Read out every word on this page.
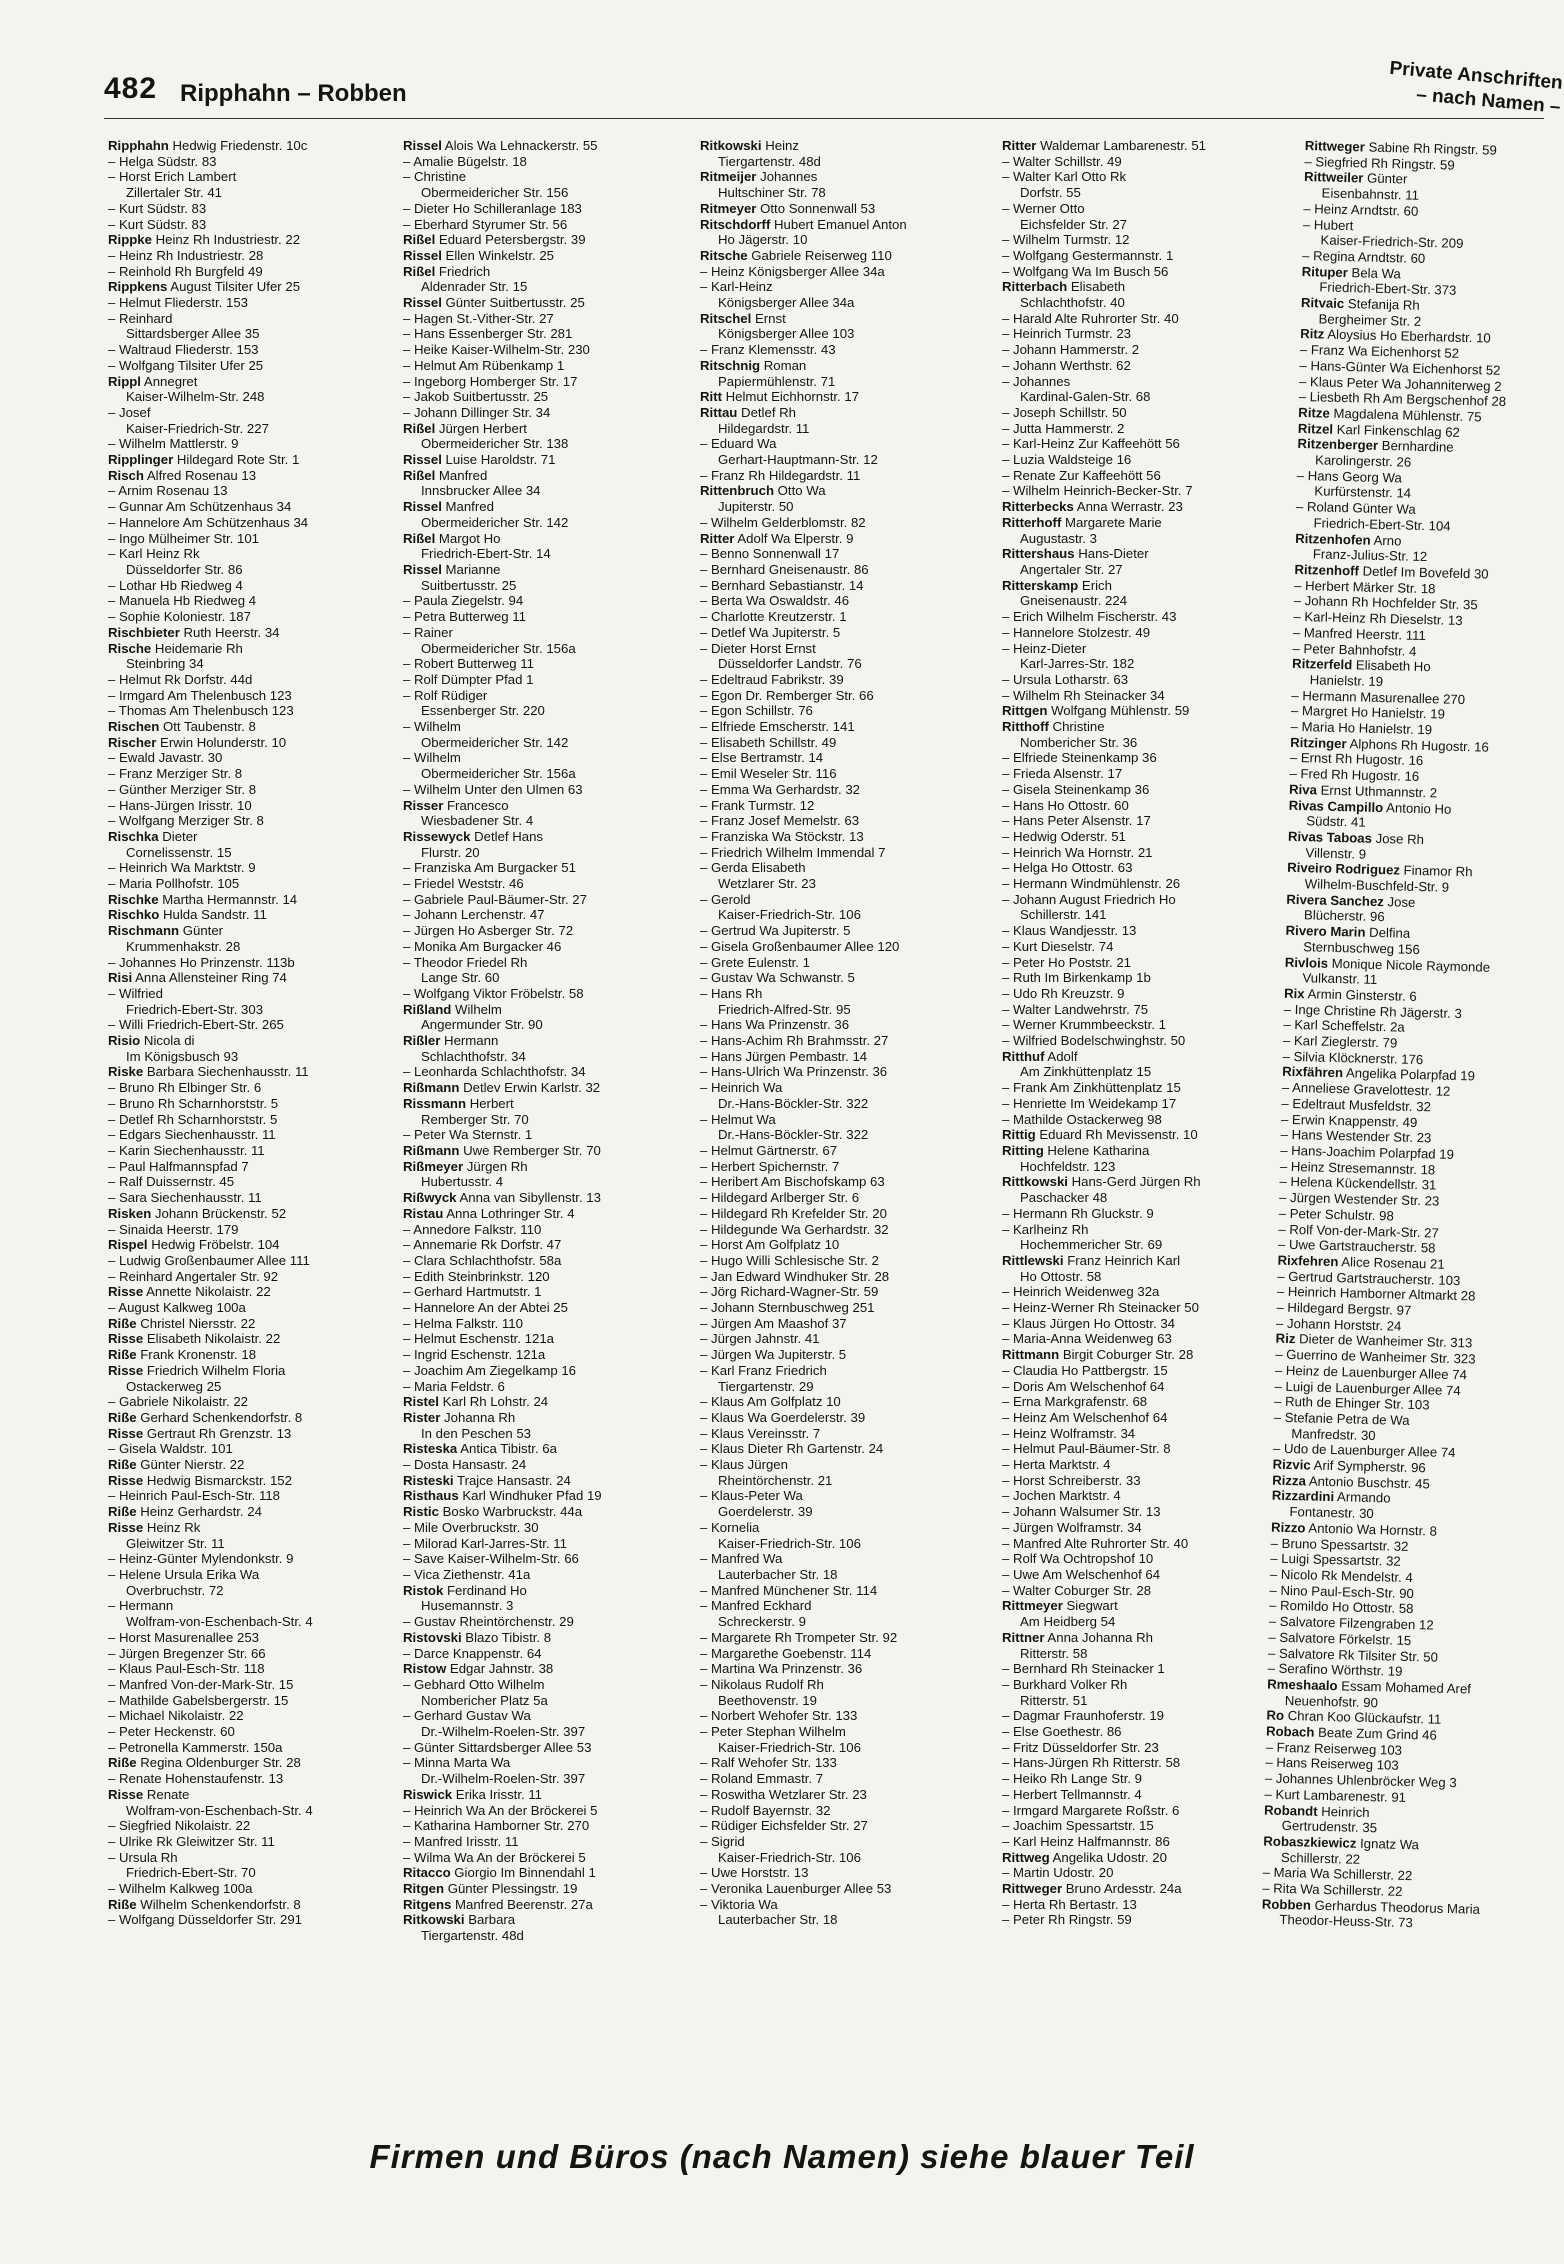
482 Ripphahn – Robben	Private Anschriften
– nach Namen –
Ripphahn Hedwig Friedenstr. 10c
– Helga Südstr. 83
– Horst Erich Lambert
Zillertaler Str. 41
– Kurt Südstr. 83
– Kurt Südstr. 83
Rippke Heinz Rh Industriestr. 22
– Heinz Rh Industriestr. 28
– Reinhold Rh Burgfeld 49
Rippkens August Tilsiter Ufer 25
– Helmut Fliederstr. 153
– Reinhard
Sittardsberger Allee 35
– Waltraud Fliederstr. 153
– Wolfgang Tilsiter Ufer 25
Rippl Annegret
Kaiser-Wilhelm-Str. 248
– Josef
Kaiser-Friedrich-Str. 227
– Wilhelm Mattlerstr. 9
Ripplinger Hildegard Rote Str. 1
Risch Alfred Rosenau 13
– Arnim Rosenau 13
– Gunnar Am Schützenhaus 34
– Hannelore Am Schützenhaus 34
– Ingo Mülheimer Str. 101
– Karl Heinz Rk
Düsseldorfer Str. 86
– Lothar Hb Riedweg 4
– Manuela Hb Riedweg 4
– Sophie Koloniestr. 187
Rischbieter Ruth Heerstr. 34
Rische Heidemarie Rh
Steinbring 34
– Helmut Rk Dorfstr. 44d
– Irmgard Am Thelenbusch 123
– Thomas Am Thelenbusch 123
Rischen Ott Taubenstr. 8
Rischer Erwin Holunderstr. 10
– Ewald Javastr. 30
– Franz Merziger Str. 8
– Günther Merziger Str. 8
– Hans-Jürgen Irisstr. 10
– Wolfgang Merziger Str. 8
Rischka Dieter
Cornelissenstr. 15
– Heinrich Wa Marktstr. 9
– Maria Pollhofstr. 105
Rischke Martha Hermannstr. 14
Rischko Hulda Sandstr. 11
Rischmann Günter
Krummenhakstr. 28
– Johannes Ho Prinzenstr. 113b
Risi Anna Allensteiner Ring 74
– Wilfried
Friedrich-Ebert-Str. 303
– Willi Friedrich-Ebert-Str. 265
Risio Nicola di
Im Königsbusch 93
Riske Barbara Siechenhausstr. 11
– Bruno Rh Elbinger Str. 6
– Bruno Rh Scharnhorststr. 5
– Detlef Rh Scharnhorststr. 5
– Edgars Siechenhausstr. 11
– Karin Siechenhausstr. 11
– Paul Halfmannspfad 7
– Ralf Duissernstr. 45
– Sara Siechenhausstr. 11
Risken Johann Brückenstr. 52
– Sinaida Heerstr. 179
Rispel Hedwig Fröbelstr. 104
– Ludwig Großenbaumer Allee 111
– Reinhard Angertaler Str. 92
Risse Annette Nikolaistr. 22
– August Kalkweg 100a
Riße Christel Niersstr. 22
Risse Elisabeth Nikolaistr. 22
Riße Frank Kronenstr. 18
Risse Friedrich Wilhelm Floria
Ostackerweg 25
– Gabriele Nikolaistr. 22
Riße Gerhard Schenkendorfstr. 8
Risse Gertraut Rh Grenzstr. 13
– Gisela Waldstr. 101
Riße Günter Nierstr. 22
Risse Hedwig Bismarckstr. 152
– Heinrich Paul-Esch-Str. 118
Riße Heinz Gerhardstr. 24
Risse Heinz Rk
Gleiwitzer Str. 11
– Heinz-Günter Mylendonkstr. 9
– Helene Ursula Erika Wa
Overbruchstr. 72
– Hermann
Wolfram-von-Eschenbach-Str. 4
– Horst Masurenallee 253
– Jürgen Bregenzer Str. 66
– Klaus Paul-Esch-Str. 118
– Manfred Von-der-Mark-Str. 15
– Mathilde Gabelsbergerstr. 15
– Michael Nikolaistr. 22
– Peter Heckenstr. 60
– Petronella Kammerstr. 150a
Riße Regina Oldenburger Str. 28
– Renate Hohenstaufenstr. 13
Risse Renate
Wolfram-von-Eschenbach-Str. 4
– Siegfried Nikolaistr. 22
– Ulrike Rk Gleiwitzer Str. 11
– Ursula Rh
Friedrich-Ebert-Str. 70
– Wilhelm Kalkweg 100a
Riße Wilhelm Schenkendorfstr. 8
– Wolfgang Düsseldorfer Str. 291
Rissel Alois Wa Lehnackerstr. 55
– Amalie Bügelstr. 18
– Christine
Obermeidericher Str. 156
– Dieter Ho Schilleranlage 183
– Eberhard Styrumer Str. 56
Rißel Eduard Petersbergstr. 39
Rissel Ellen Winkelstr. 25
Rißel Friedrich
Aldenrader Str. 15
Rissel Günter Suitbertusstr. 25
– Hagen St.-Vither-Str. 27
– Hans Essenberger Str. 281
– Heike Kaiser-Wilhelm-Str. 230
– Helmut Am Rübenkamp 1
– Ingeborg Homberger Str. 17
– Jakob Suitbertusstr. 25
– Johann Dillinger Str. 34
Rißel Jürgen Herbert
Obermeidericher Str. 138
Rissel Luise Haroldstr. 71
Rißel Manfred
Innsbrucker Allee 34
Rissel Manfred
Obermeidericher Str. 142
Rißel Margot Ho
Friedrich-Ebert-Str. 14
Rissel Marianne
Suitbertusstr. 25
– Paula Ziegelstr. 94
– Petra Butterweg 11
– Rainer
Obermeidericher Str. 156a
– Robert Butterweg 11
– Rolf Dümpter Pfad 1
– Rolf Rüdiger
Essenberger Str. 220
– Wilhelm
Obermeidericher Str. 142
– Wilhelm
Obermeidericher Str. 156a
– Wilhelm Unter den Ulmen 63
Risser Francesco
Wiesbadener Str. 4
Rissewyck Detlef Hans
Flurstr. 20
– Franziska Am Burgacker 51
– Friedel Weststr. 46
– Gabriele Paul-Bäumer-Str. 27
– Johann Lerchenstr. 47
– Jürgen Ho Asberger Str. 72
– Monika Am Burgacker 46
– Theodor Friedel Rh
Lange Str. 60
– Wolfgang Viktor Fröbelstr. 58
Rißland Wilhelm
Angermunder Str. 90
Rißler Hermann
Schlachthofstr. 34
– Leonharda Schlachthofstr. 34
Rißmann Detlev Erwin Karlstr. 32
Rissmann Herbert
Remberger Str. 70
– Peter Wa Sternstr. 1
Rißmann Uwe Remberger Str. 70
Rißmeyer Jürgen Rh
Hubertusstr. 4
Rißwyck Anna van Sibyllenstr. 13
Ristau Anna Lothringer Str. 4
– Annedore Falkstr. 110
– Annemarie Rk Dorfstr. 47
– Clara Schlachthofstr. 58a
– Edith Steinbrinkstr. 120
– Gerhard Hartmutstr. 1
– Hannelore An der Abtei 25
– Helma Falkstr. 110
– Helmut Eschenstr. 121a
– Ingrid Eschenstr. 121a
– Joachim Am Ziegelkamp 16
– Maria Feldstr. 6
Ristel Karl Rh Lohstr. 24
Rister Johanna Rh
In den Peschen 53
Risteska Antica Tibistr. 6a
– Dosta Hansastr. 24
Risteski Trajce Hansastr. 24
Risthaus Karl Windhuker Pfad 19
Ristic Bosko Warbruckstr. 44a
– Mile Overbruckstr. 30
– Milorad Karl-Jarres-Str. 11
– Save Kaiser-Wilhelm-Str. 66
– Vica Ziethenstr. 41a
Ristok Ferdinand Ho
Husemannstr. 3
– Gustav Rheintörchenstr. 29
Ristovski Blazo Tibistr. 8
– Darce Knappenstr. 64
Ristow Edgar Jahnstr. 38
– Gebhard Otto Wilhelm
Nombericher Platz 5a
– Gerhard Gustav Wa
Dr.-Wilhelm-Roelen-Str. 397
– Günter Sittardsberger Allee 53
– Minna Marta Wa
Dr.-Wilhelm-Roelen-Str. 397
Riswick Erika Irisstr. 11
– Heinrich Wa An der Bröckerei 5
– Katharina Hamborner Str. 270
– Manfred Irisstr. 11
– Wilma Wa An der Bröckerei 5
Ritacco Giorgio Im Binnendahl 1
Ritgen Günter Plessingstr. 19
Ritgens Manfred Beerenstr. 27a
Ritkowski Barbara
Tiergartenstr. 48d
Ritkowski Heinz
Tiergartenstr. 48d
Ritmeijer Johannes
Hultschiner Str. 78
Ritmeyer Otto Sonnenwall 53
Ritschdorff Hubert Emanuel Anton
Ho Jägerstr. 10
Ritsche Gabriele Reiserweg 110
– Heinz Königsberger Allee 34a
– Karl-Heinz
Königsberger Allee 34a
Ritschel Ernst
Königsberger Allee 103
– Franz Klemensstr. 43
Ritschnig Roman
Papiermühlenstr. 71
Ritt Helmut Eichhornstr. 17
Rittau Detlef Rh
Hildegardstr. 11
– Eduard Wa
Gerhart-Hauptmann-Str. 12
– Franz Rh Hildegardstr. 11
Rittenbruch Otto Wa
Jupiterstr. 50
– Wilhelm Gelderblomstr. 82
Ritter Adolf Wa Elperstr. 9
– Benno Sonnenwall 17
– Bernhard Gneisenaustr. 86
– Bernhard Sebastianstr. 14
– Berta Wa Oswaldstr. 46
– Charlotte Kreutzerstr. 1
– Detlef Wa Jupiterstr. 5
– Dieter Horst Ernst
Düsseldorfer Landstr. 76
– Edeltraud Fabrikstr. 39
– Egon Dr. Remberger Str. 66
– Egon Schillstr. 76
– Elfriede Emscherstr. 141
– Elisabeth Schillstr. 49
– Else Bertramstr. 14
– Emil Weseler Str. 116
– Emma Wa Gerhardstr. 32
– Frank Turmstr. 12
– Franz Josef Memelstr. 63
– Franziska Wa Stöckstr. 13
– Friedrich Wilhelm Immendal 7
– Gerda Elisabeth
Wetzlarer Str. 23
– Gerold
Kaiser-Friedrich-Str. 106
– Gertrud Wa Jupiterstr. 5
– Gisela Großenbaumer Allee 120
– Grete Eulenstr. 1
– Gustav Wa Schwanstr. 5
– Hans Rh
Friedrich-Alfred-Str. 95
– Hans Wa Prinzenstr. 36
– Hans-Achim Rh Brahmsstr. 27
– Hans Jürgen Pembastr. 14
– Hans-Ulrich Wa Prinzenstr. 36
– Heinrich Wa
Dr.-Hans-Böckler-Str. 322
– Helmut Wa
Dr.-Hans-Böckler-Str. 322
– Helmut Gärtnerstr. 67
– Herbert Spichernstr. 7
– Heribert Am Bischofskamp 63
– Hildegard Arlberger Str. 6
– Hildegard Rh Krefelder Str. 20
– Hildegunde Wa Gerhardstr. 32
– Horst Am Golfplatz 10
– Hugo Willi Schlesische Str. 2
– Jan Edward Windhuker Str. 28
– Jörg Richard-Wagner-Str. 59
– Johann Sternbuschweg 251
– Jürgen Am Maashof 37
– Jürgen Jahnstr. 41
– Jürgen Wa Jupiterstr. 5
– Karl Franz Friedrich
Tiergartenstr. 29
– Klaus Am Golfplatz 10
– Klaus Wa Goerdelerstr. 39
– Klaus Vereinsstr. 7
– Klaus Dieter Rh Gartenstr. 24
– Klaus Jürgen
Rheintörchenstr. 21
– Klaus-Peter Wa
Goerdelerstr. 39
– Kornelia
Kaiser-Friedrich-Str. 106
– Manfred Wa
Lauterbacher Str. 18
– Manfred Münchener Str. 114
– Manfred Eckhard
Schreckerstr. 9
– Margarete Rh Trompeter Str. 92
– Margarethe Goebenstr. 114
– Martina Wa Prinzenstr. 36
– Nikolaus Rudolf Rh
Beethovenstr. 19
– Norbert Wehofer Str. 133
– Peter Stephan Wilhelm
Kaiser-Friedrich-Str. 106
– Ralf Wehofer Str. 133
– Roland Emmastr. 7
– Roswitha Wetzlarer Str. 23
– Rudolf Bayernstr. 32
– Rüdiger Eichsfelder Str. 27
– Sigrid
Kaiser-Friedrich-Str. 106
– Uwe Horststr. 13
– Veronika Lauenburger Allee 53
– Viktoria Wa
Lauterbacher Str. 18
Ritter Waldemar Lambarenestr. 51
– Walter Schillstr. 49
– Walter Karl Otto Rk
Dorfstr. 55
– Werner Otto
Eichsfelder Str. 27
– Wilhelm Turmstr. 12
– Wolfgang Gestermannstr. 1
– Wolfgang Wa Im Busch 56
Ritterbach Elisabeth
Schlachthofstr. 40
– Harald Alte Ruhrorter Str. 40
– Heinrich Turmstr. 23
– Johann Hammerstr. 2
– Johann Werthstr. 62
– Johannes
Kardinal-Galen-Str. 68
– Joseph Schillstr. 50
– Jutta Hammerstr. 2
– Karl-Heinz Zur Kaffeehött 56
– Luzia Waldsteige 16
– Renate Zur Kaffeehött 56
– Wilhelm Heinrich-Becker-Str. 7
Ritterbecks Anna Werrastr. 23
Ritterhoff Margarete Marie
Augustastr. 3
Rittershaus Hans-Dieter
Angertaler Str. 27
Ritterskamp Erich
Gneisenaustr. 224
– Erich Wilhelm Fischerstr. 43
– Hannelore Stolzestr. 49
– Heinz-Dieter
Karl-Jarres-Str. 182
– Ursula Lotharstr. 63
– Wilhelm Rh Steinacker 34
Rittgen Wolfgang Mühlenstr. 59
Ritthoff Christine
Nombericher Str. 36
– Elfriede Steinenkamp 36
– Frieda Alsenstr. 17
– Gisela Steinenkamp 36
– Hans Ho Ottostr. 60
– Hans Peter Alsenstr. 17
– Hedwig Oderstr. 51
– Heinrich Wa Hornstr. 21
– Helga Ho Ottostr. 63
– Hermann Windmühlenstr. 26
– Johann August Friedrich Ho
Schillerstr. 141
– Klaus Wandjesstr. 13
– Kurt Dieselstr. 74
– Peter Ho Poststr. 21
– Ruth Im Birkenkamp 1b
– Udo Rh Kreuzstr. 9
– Walter Landwehrstr. 75
– Werner Krummbeeckstr. 1
– Wilfried Bodelschwinghstr. 50
Ritthuf Adolf
Am Zinkhüttenplatz 15
– Frank Am Zinkhüttenplatz 15
– Henriette Im Weidekamp 17
– Mathilde Ostackerweg 98
Rittig Eduard Rh Mevissenstr. 10
Ritting Helene Katharina
Hochfeldstr. 123
Rittkowski Hans-Gerd Jürgen Rh
Paschacker 48
– Hermann Rh Gluckstr. 9
– Karlheinz Rh
Hochemmericher Str. 69
Rittlewski Franz Heinrich Karl
Ho Ottostr. 58
– Heinrich Weidenweg 32a
– Heinz-Werner Rh Steinacker 50
– Klaus Jürgen Ho Ottostr. 34
– Maria-Anna Weidenweg 63
Rittmann Birgit Coburger Str. 28
– Claudia Ho Pattbergstr. 15
– Doris Am Welschenhof 64
– Erna Markgrafenstr. 68
– Heinz Am Welschenhof 64
– Heinz Wolframstr. 34
– Helmut Paul-Bäumer-Str. 8
– Herta Marktstr. 4
– Horst Schreiberstr. 33
– Jochen Marktstr. 4
– Johann Walsumer Str. 13
– Jürgen Wolframstr. 34
– Manfred Alte Ruhrorter Str. 40
– Rolf Wa Ochtropshof 10
– Uwe Am Welschenhof 64
– Walter Coburger Str. 28
Rittmeyer Siegwart
Am Heidberg 54
Rittner Anna Johanna Rh
Ritterstr. 58
– Bernhard Rh Steinacker 1
– Burkhard Volker Rh
Ritterstr. 51
– Dagmar Fraunhoferstr. 19
– Else Goethestr. 86
– Fritz Düsseldorfer Str. 23
– Hans-Jürgen Rh Ritterstr. 58
– Heiko Rh Lange Str. 9
– Herbert Tellmannstr. 4
– Irmgard Margarete Roßstr. 6
– Joachim Spessartstr. 15
– Karl Heinz Halfmannstr. 86
Rittweg Angelika Udostr. 20
– Martin Udostr. 20
Rittweger Bruno Ardesstr. 24a
– Herta Rh Bertastr. 13
– Peter Rh Ringstr. 59
Rittweger Sabine Rh Ringstr. 59
– Siegfried Rh Ringstr. 59
Rittweiler Günter
Eisenbahnstr. 11
– Heinz Arndtstr. 60
– Hubert
Kaiser-Friedrich-Str. 209
– Regina Arndtstr. 60
Rituper Bela Wa
Friedrich-Ebert-Str. 373
Ritvaic Stefanija Rh
Bergheimer Str. 2
Ritz Aloysius Ho Eberhardstr. 10
– Franz Wa Eichenhorst 52
– Hans-Günter Wa Eichenhorst 52
– Klaus Peter Wa Johanniterweg 2
– Liesbeth Rh Am Bergschenhof 28
Ritze Magdalena Mühlenstr. 75
Ritzel Karl Finkenschlag 62
Ritzenberger Bernhardine
Karolingerstr. 26
– Hans Georg Wa
Kurfürstenstr. 14
– Roland Günter Wa
Friedrich-Ebert-Str. 104
Ritzenhofen Arno
Franz-Julius-Str. 12
Ritzenhoff Detlef Im Bovefeld 30
– Herbert Märker Str. 18
– Johann Rh Hochfelder Str. 35
– Karl-Heinz Rh Dieselstr. 13
– Manfred Heerstr. 111
– Peter Bahnhofstr. 4
Ritzerfeld Elisabeth Ho
Hanielstr. 19
– Hermann Masurenallee 270
– Margret Ho Hanielstr. 19
– Maria Ho Hanielstr. 19
Ritzinger Alphons Rh Hugostr. 16
– Ernst Rh Hugostr. 16
– Fred Rh Hugostr. 16
Riva Ernst Uthmannstr. 2
Rivas Campillo Antonio Ho
Südstr. 41
Rivas Taboas Jose Rh
Villenstr. 9
Riveiro Rodriguez Finamor Rh
Wilhelm-Buschfeld-Str. 9
Rivera Sanchez Jose
Blücherstr. 96
Rivero Marin Delfina
Sternbuschweg 156
Rivlois Monique Nicole Raymonde
Vulkanstr. 11
Rix Armin Ginsterstr. 6
– Inge Christine Rh Jägerstr. 3
– Karl Scheffelstr. 2a
– Karl Zieglerstr. 79
– Silvia Klöcknerstr. 176
Rixfähren Angelika Polarpfad 19
– Anneliese Gravelottestr. 12
– Edeltraut Musfeldstr. 32
– Erwin Knappenstr. 49
– Hans Westender Str. 23
– Hans-Joachim Polarpfad 19
– Heinz Stresemannstr. 18
– Helena Kückendellstr. 31
– Jürgen Westender Str. 23
– Peter Schulstr. 98
– Rolf Von-der-Mark-Str. 27
– Uwe Gartstraucherstr. 58
Rixfehren Alice Rosenau 21
– Gertrud Gartstraucherstr. 103
– Heinrich Hamborner Altmarkt 28
– Hildegard Bergstr. 97
– Johann Horststr. 24
Riz Dieter de Wanheimer Str. 313
– Guerrino de Wanheimer Str. 323
– Heinz de Lauenburger Allee 74
– Luigi de Lauenburger Allee 74
– Ruth de Ehinger Str. 103
– Stefanie Petra de Wa
Manfredstr. 30
– Udo de Lauenburger Allee 74
Rizvic Arif Sympherstr. 96
Rizza Antonio Buschstr. 45
Rizzardini Armando
Fontanestr. 30
Rizzo Antonio Wa Hornstr. 8
– Bruno Spessartstr. 32
– Luigi Spessartstr. 32
– Nicolo Rk Mendelstr. 4
– Nino Paul-Esch-Str. 90
– Romildo Ho Ottostr. 58
– Salvatore Filzengraben 12
– Salvatore Förkelstr. 15
– Salvatore Rk Tilsiter Str. 50
– Serafino Wörthstr. 19
Rmeshaalo Essam Mohamed Aref
Neuenhofstr. 90
Ro Chran Koo Glückaufstr. 11
Robach Beate Zum Grind 46
– Franz Reiserweg 103
– Hans Reiserweg 103
– Johannes Uhlenbröcker Weg 3
– Kurt Lambarenestr. 91
Robandt Heinrich
Gertrudenstr. 35
Robaszkiewicz Ignatz Wa
Schillerstr. 22
– Maria Wa Schillerstr. 22
– Rita Wa Schillerstr. 22
Robben Gerhardus Theodorus Maria
Theodor-Heuss-Str. 73
Firmen und Büros (nach Namen) siehe blauer Teil
